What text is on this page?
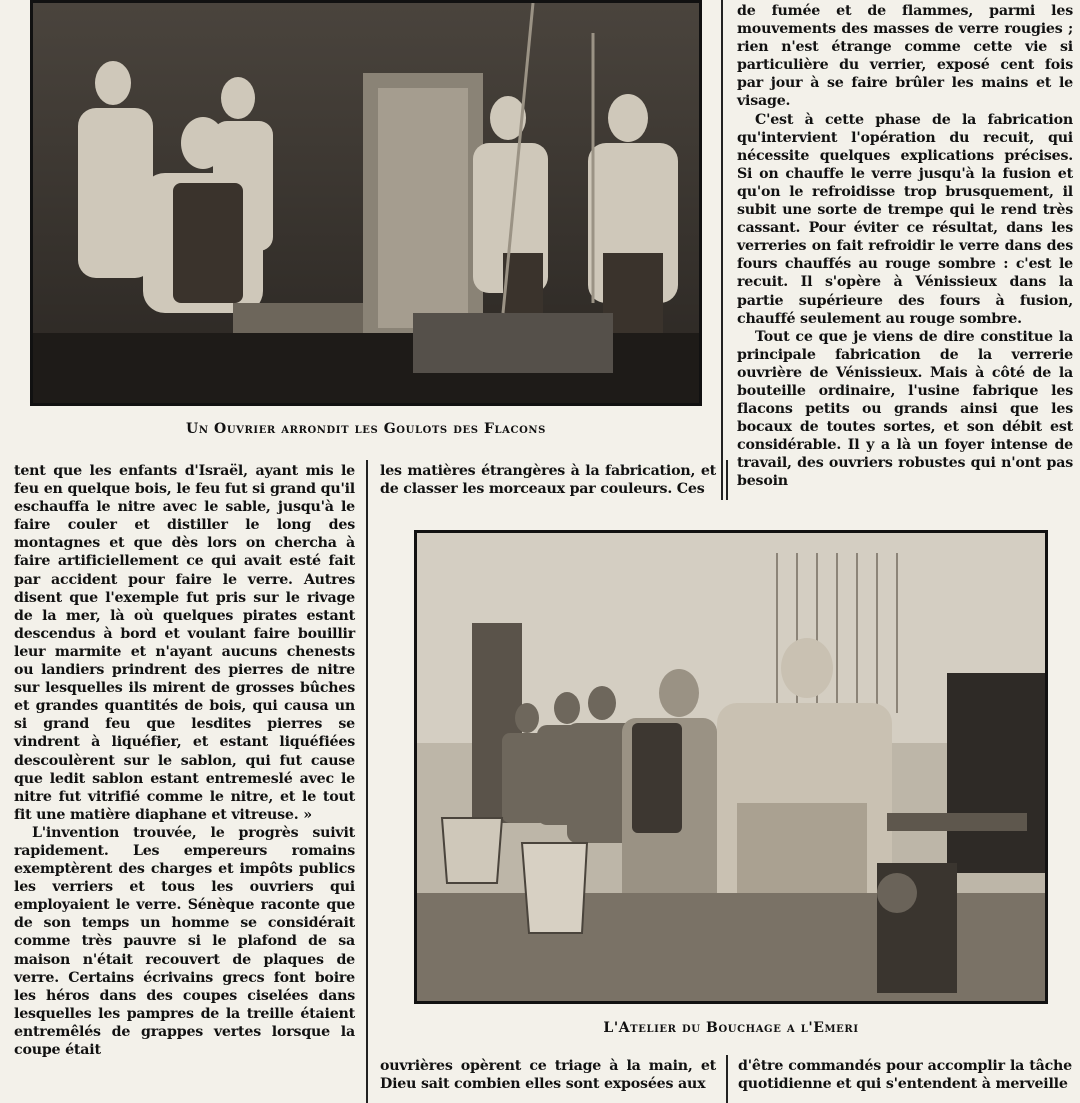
Un Ouvrier arrondit les Goulots des Flacons

de fumée et de flammes, parmi les mouvements des masses de verre rougies ; rien n'est étrange comme cette vie si particulière du verrier, exposé cent fois par jour à se faire brûler les mains et le visage.

C'est à cette phase de la fabrication qu'intervient l'opération du recuit, qui nécessite quelques explications précises. Si on chauffe le verre jusqu'à la fusion et qu'on le refroidisse trop brusquement, il subit une sorte de trempe qui le rend très cassant. Pour éviter ce résultat, dans les verreries on fait refroidir le verre dans des fours chauffés au rouge sombre : c'est le recuit. Il s'opère à Vénissieux dans la partie supérieure des fours à fusion, chauffé seulement au rouge sombre.

Tout ce que je viens de dire constitue la principale fabrication de la verrerie ouvrière de Vénissieux. Mais à côté de la bouteille ordinaire, l'usine fabrique les flacons petits ou grands ainsi que les bocaux de toutes sortes, et son débit est considérable. Il y a là un foyer intense de travail, des ouvriers robustes qui n'ont pas besoin

tent que les enfants d'Israël, ayant mis le feu en quelque bois, le feu fut si grand qu'il eschauffa le nitre avec le sable, jusqu'à le faire couler et distiller le long des montagnes et que dès lors on chercha à faire artificiellement ce qui avait esté fait par accident pour faire le verre. Autres disent que l'exemple fut pris sur le rivage de la mer, là où quelques pirates estant descendus à bord et voulant faire bouillir leur marmite et n'ayant aucuns chenests ou landiers prindrent des pierres de nitre sur lesquelles ils mirent de grosses bûches et grandes quantités de bois, qui causa un si grand feu que lesdites pierres se vindrent à liquéfier, et estant liquéfiées descoulèrent sur le sablon, qui fut cause que ledit sablon estant entremeslé avec le nitre fut vitrifié comme le nitre, et le tout fit une matière diaphane et vitreuse. »

L'invention trouvée, le progrès suivit rapidement. Les empereurs romains exemptèrent des charges et impôts publics les verriers et tous les ouvriers qui employaient le verre. Sénèque raconte que de son temps un homme se considérait comme très pauvre si le plafond de sa maison n'était recouvert de plaques de verre. Certains écrivains grecs font boire les héros dans des coupes ciselées dans lesquelles les pampres de la treille étaient entremêlés de grappes vertes lorsque la coupe était

les matières étrangères à la fabrication, et de classer les morceaux par couleurs. Ces
L'Atelier du Bouchage a l'Emeri
ouvrières opèrent ce triage à la main, et Dieu sait combien elles sont exposées aux
d'être commandés pour accomplir la tâche quotidienne et qui s'entendent à merveille
